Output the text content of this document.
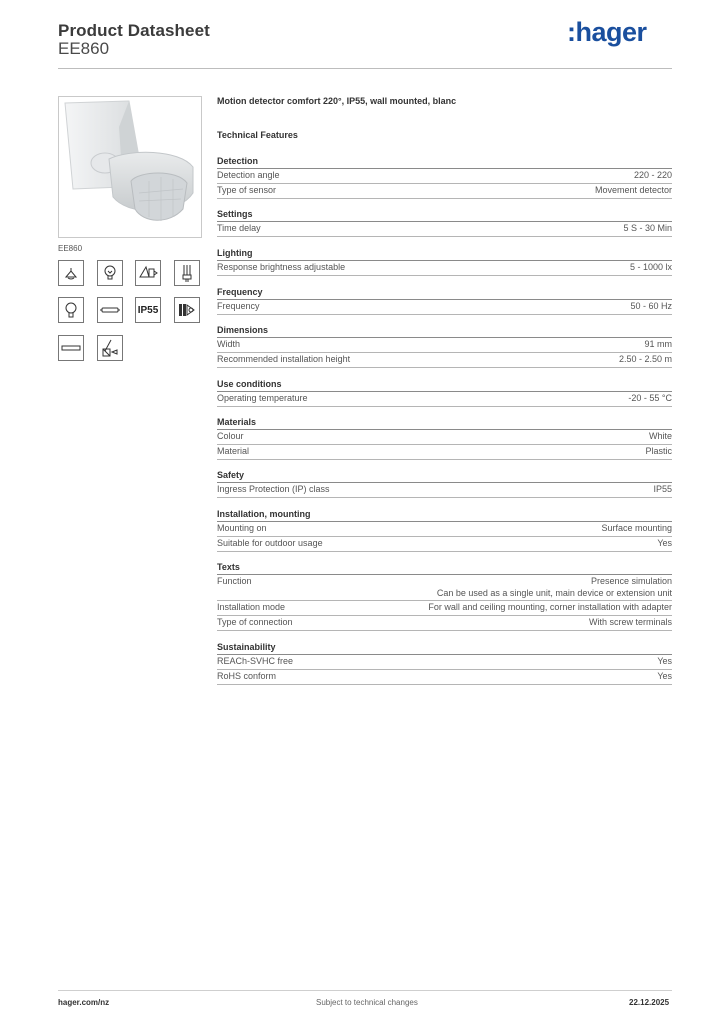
Product Datasheet
EE860
:hager
EE860
IP55
Motion detector comfort 220°, IP55, wall mounted, blanc
Technical Features
Detection
Detection angle	220 - 220
Type of sensor	Movement detector
Settings
Time delay	5 S - 30 Min
Lighting
Response brightness adjustable	5 - 1000 lx
Frequency
Frequency	50 - 60 Hz
Dimensions
Width	91 mm
Recommended installation height	2.50 - 2.50 m
Use conditions
Operating temperature	-20 - 55 °C
Materials
Colour	White
Material	Plastic
Safety
Ingress Protection (IP) class	IP55
Installation, mounting
Mounting on	Surface mounting
Suitable for outdoor usage	Yes
Texts
Function	Presence simulation
Can be used as a single unit, main device or extension unit
Installation mode	For wall and ceiling mounting, corner installation with adapter
Type of connection	With screw terminals
Sustainability
REACh-SVHC free	Yes
RoHS conform	Yes
hager.com/nz	Subject to technical changes	22.12.2025
